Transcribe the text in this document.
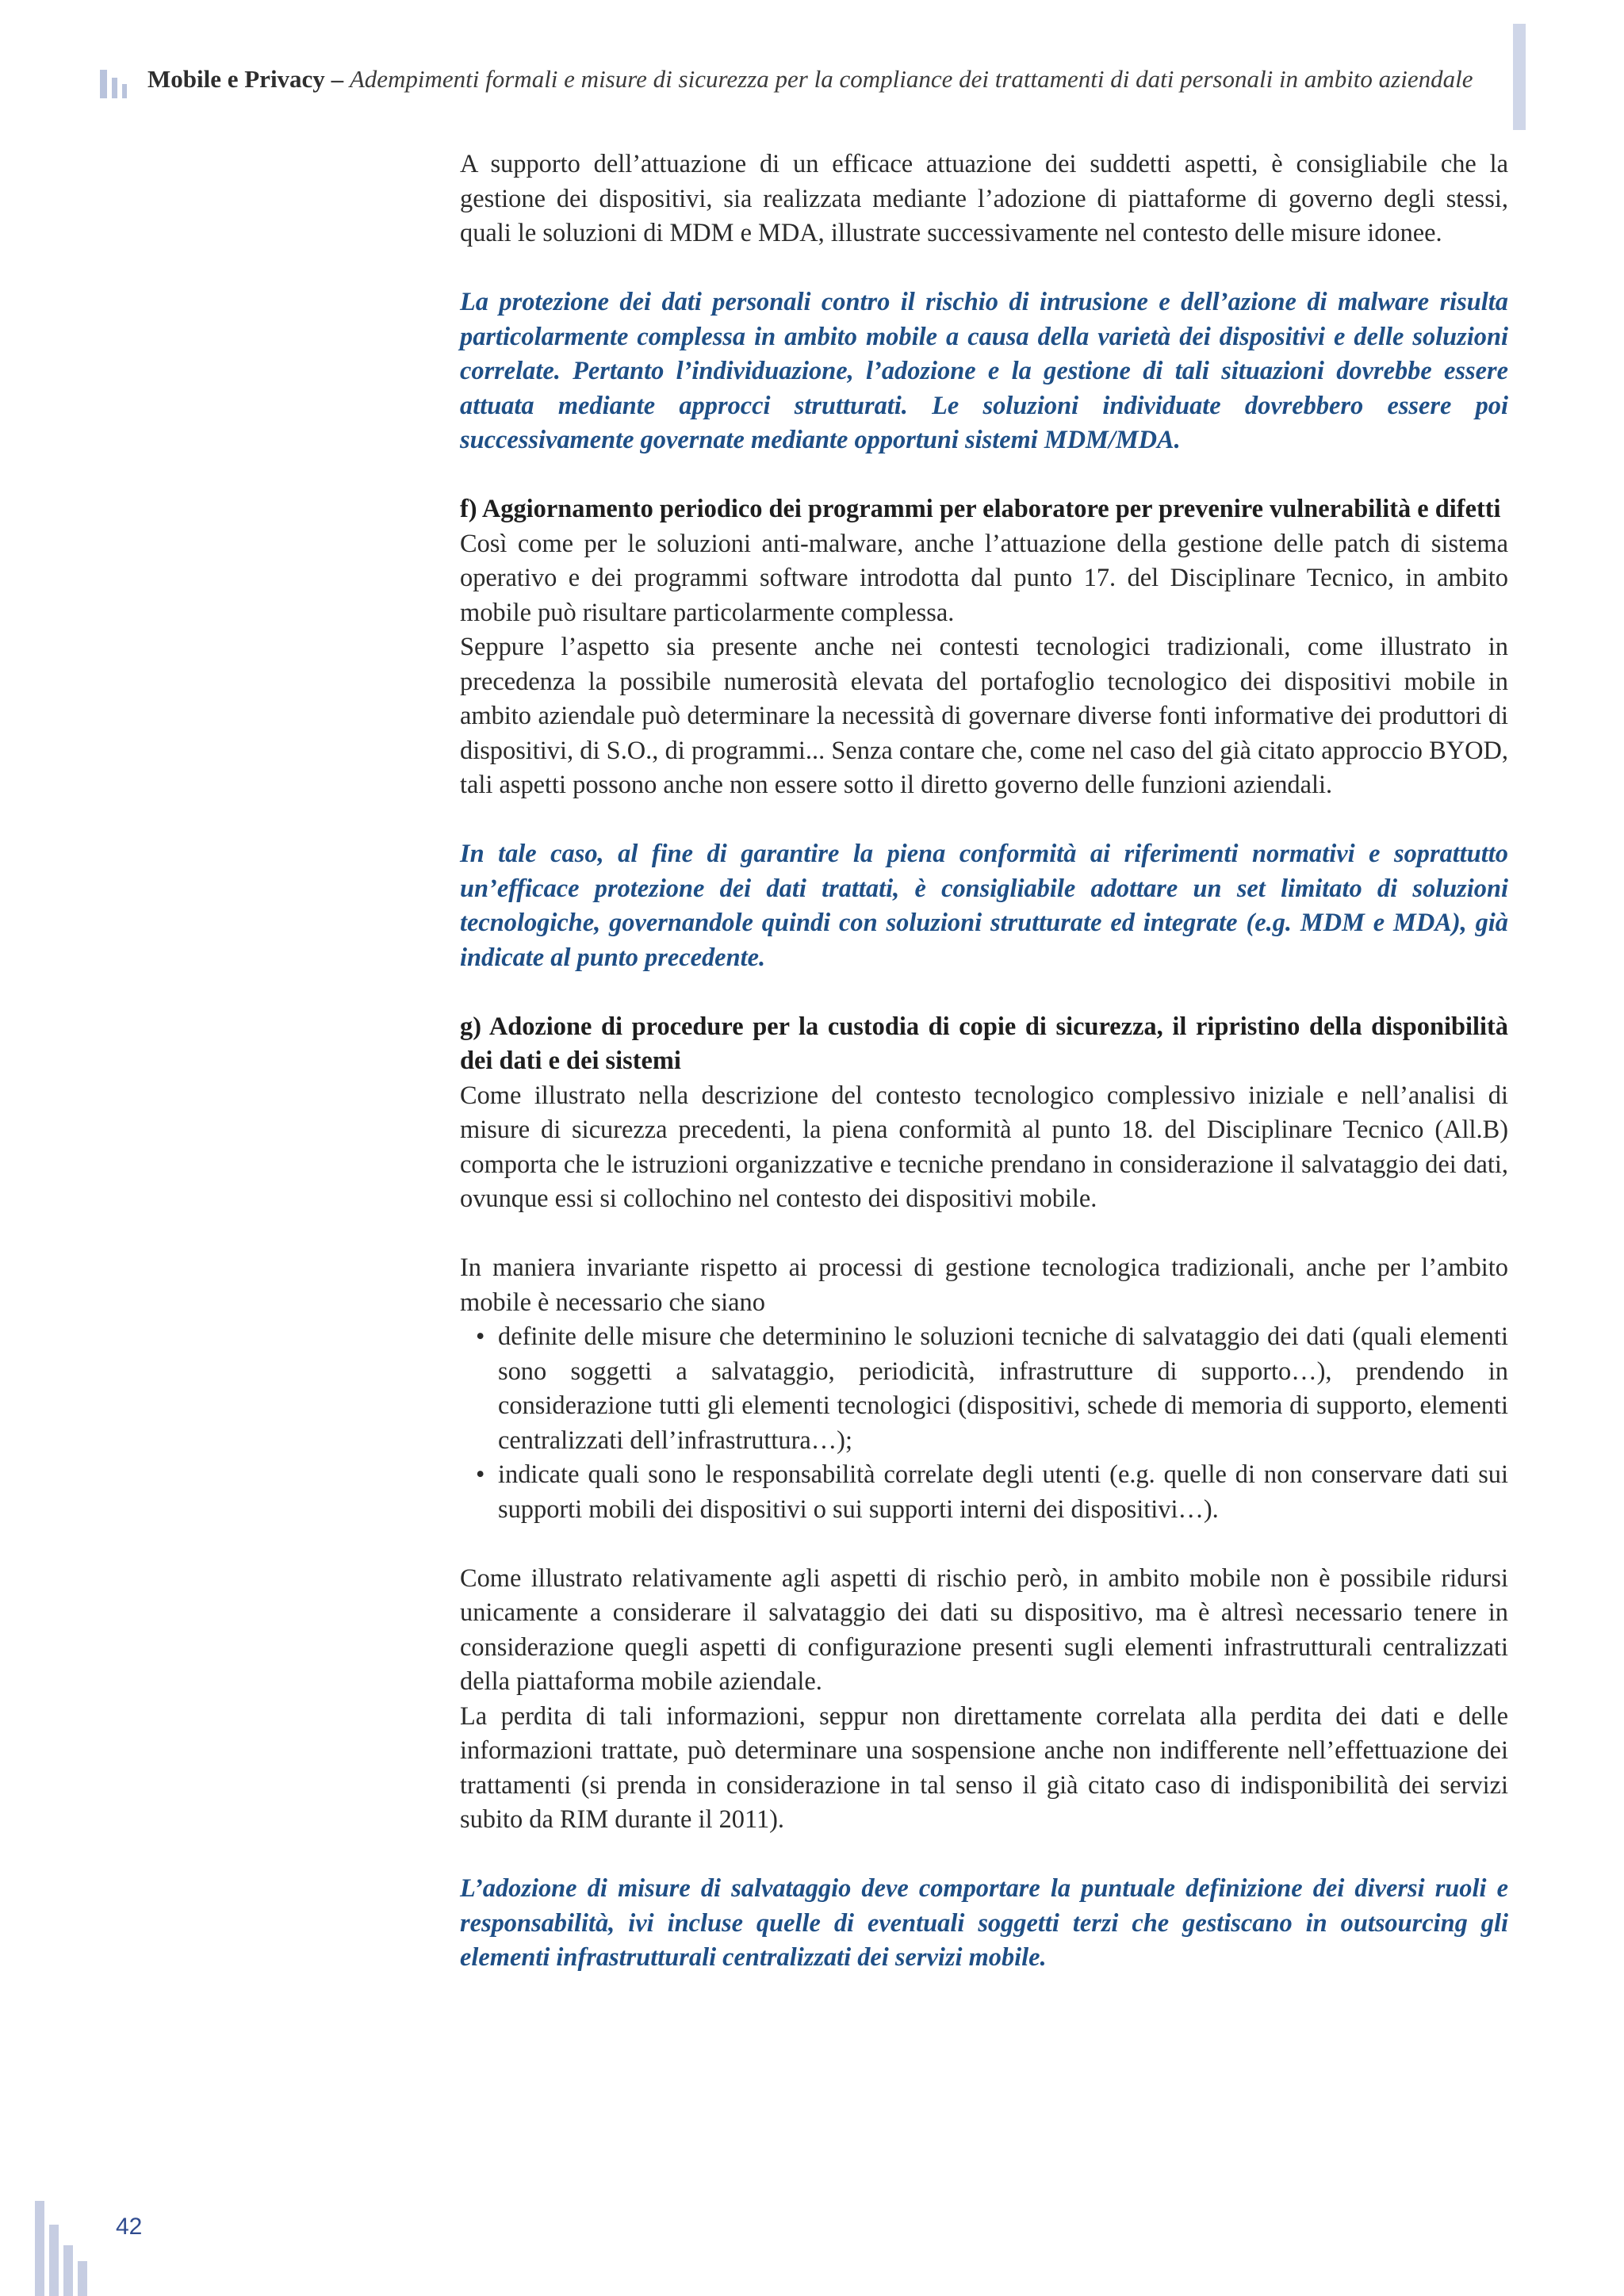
Mobile e Privacy – Adempimenti formali e misure di sicurezza per la compliance dei trattamenti di dati personali in ambito aziendale

A supporto dell’attuazione di un efficace attuazione dei suddetti aspetti, è consigliabile che la gestione dei dispositivi, sia realizzata mediante l’adozione di piattaforme di governo degli stessi, quali le soluzioni di MDM e MDA, illustrate successivamente nel contesto delle misure idonee.

La protezione dei dati personali contro il rischio di intrusione e dell’azione di malware risulta particolarmente complessa in ambito mobile a causa della varietà dei dispositivi e delle soluzioni correlate. Pertanto l’individuazione, l’adozione e la gestione di tali situazioni dovrebbe essere attuata mediante approcci strutturati. Le soluzioni individuate dovrebbero essere poi successivamente governate mediante opportuni sistemi MDM/MDA.

f) Aggiornamento periodico dei programmi per elaboratore per prevenire vulnerabilità e difetti

Così come per le soluzioni anti-malware, anche l’attuazione della gestione delle patch di sistema operativo e dei programmi software introdotta dal punto 17. del Disciplinare Tecnico, in ambito mobile può risultare particolarmente complessa.

Seppure l’aspetto sia presente anche nei contesti tecnologici tradizionali, come illustrato in precedenza la possibile numerosità elevata del portafoglio tecnologico dei dispositivi mobile in ambito aziendale può determinare la necessità di governare diverse fonti informative dei produttori di dispositivi, di S.O., di programmi... Senza contare che, come nel caso del già citato approccio BYOD, tali aspetti possono anche non essere sotto il diretto governo delle funzioni aziendali.

In tale caso, al fine di garantire la piena conformità ai riferimenti normativi e soprattutto un’efficace protezione dei dati trattati, è consigliabile adottare un set limitato di soluzioni tecnologiche, governandole quindi con soluzioni strutturate ed integrate (e.g. MDM e MDA), già indicate al punto precedente.

g) Adozione di procedure per la custodia di copie di sicurezza, il ripristino della disponibilità dei dati e dei sistemi

Come illustrato nella descrizione del contesto tecnologico complessivo iniziale e nell’analisi di misure di sicurezza precedenti, la piena conformità al punto 18. del Disciplinare Tecnico (All.B) comporta che le istruzioni organizzative e tecniche prendano in considerazione il salvataggio dei dati, ovunque essi si collochino nel contesto dei dispositivi mobile.

In maniera invariante rispetto ai processi di gestione tecnologica tradizionali, anche per l’ambito mobile è necessario che siano

• definite delle misure che determinino le soluzioni tecniche di salvataggio dei dati (quali elementi sono soggetti a salvataggio, periodicità, infrastrutture di supporto…), prendendo in considerazione tutti gli elementi tecnologici (dispositivi, schede di memoria di supporto, elementi centralizzati dell’infrastruttura…);
• indicate quali sono le responsabilità correlate degli utenti (e.g. quelle di non conservare dati sui supporti mobili dei dispositivi o sui supporti interni dei dispositivi…).

Come illustrato relativamente agli aspetti di rischio però, in ambito mobile non è possibile ridursi unicamente a considerare il salvataggio dei dati su dispositivo, ma è altresì necessario tenere in considerazione quegli aspetti di configurazione presenti sugli elementi infrastrutturali centralizzati della piattaforma mobile aziendale.

La perdita di tali informazioni, seppur non direttamente correlata alla perdita dei dati e delle informazioni trattate, può determinare una sospensione anche non indifferente nell’effettuazione dei trattamenti (si prenda in considerazione in tal senso il già citato caso di indisponibilità dei servizi subito da RIM durante il 2011).

L’adozione di misure di salvataggio deve comportare la puntuale definizione dei diversi ruoli e responsabilità, ivi incluse quelle di eventuali soggetti terzi che gestiscano in outsourcing gli elementi infrastrutturali centralizzati dei servizi mobile.

42
